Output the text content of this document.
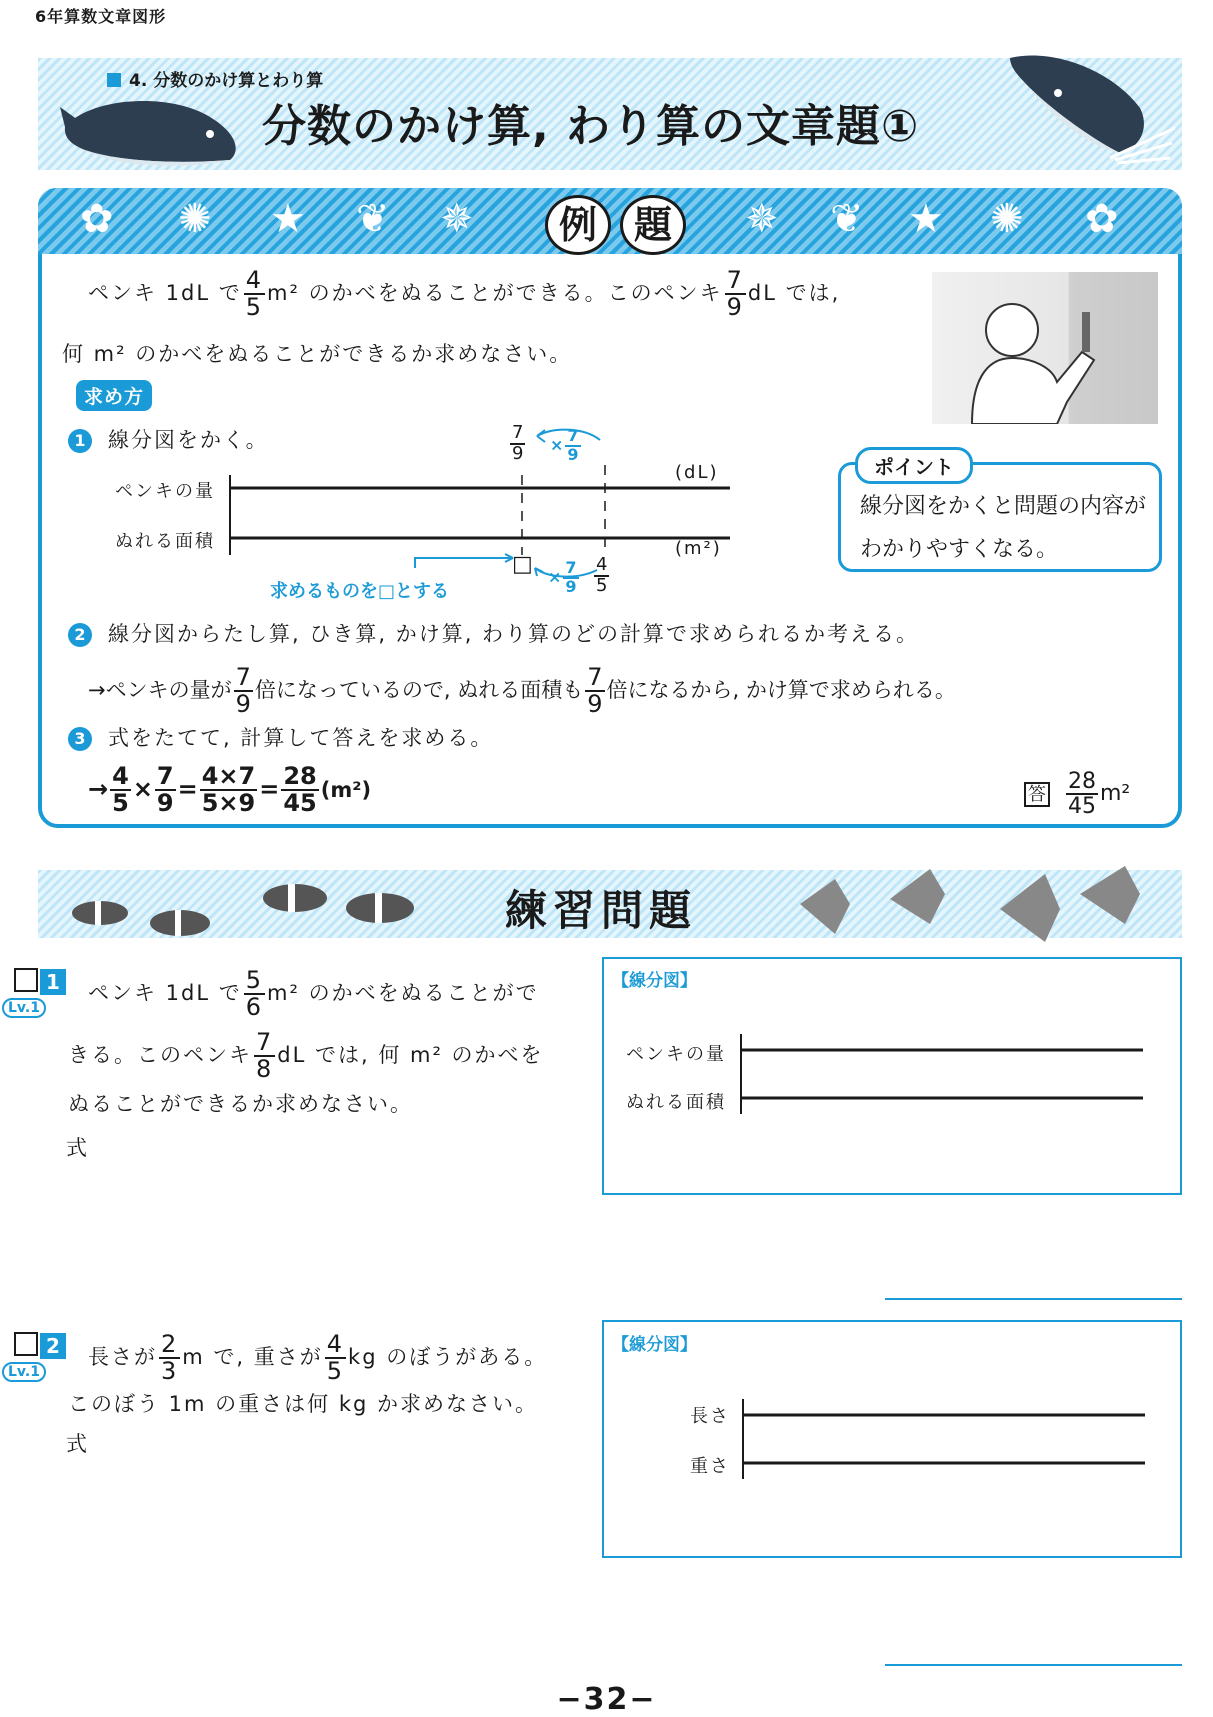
6年算数文章図形
4. 分数のかけ算とわり算
分数のかけ算, わり算の文章題①
✿ ✺ ★ ❦ ✵	例 題	✵ ❦ ★ ✺ ✿
ペンキ 1dL で $\frac{4}{5} m^2$ のかべをぬることができる。このペンキ $\frac{7}{9}$ dL では,
何 m² のかべをぬることができるか求めなさい。
求め方
1 線分図をかく。
ペンキの量
ぬれる面積
$\frac{7}{9} \times \frac{7}{9}$
(dL)
(m²)
求めるものを□とする
□ × $\frac{7}{9} \frac{4}{5}$
ポイント
線分図をかくと問題の内容がわかりやすくなる。
2 線分図からたし算, ひき算, かけ算, わり算のどの計算で求められるか考える。
→ペンキの量が $\frac{7}{9}$ 倍になっているので, ぬれる面積も $\frac{7}{9}$ 倍になるから, かけ算で求められる。
3 式をたてて, 計算して答えを求める。
→ $\frac{4}{5} \times \frac{7}{9} = \frac{4\times 7}{5\times 9} = \frac{28}{45} (m^2)$	答 $\frac{28}{45} m^2$
練習問題
1
Lv.1
ペンキ 1dL で $\frac{5}{6} m^2$ のかべをぬることがで
きる。このペンキ $\frac{7}{8}$ dL では, 何 m² のかべを
ぬることができるか求めなさい。
式
【線分図】
ペンキの量
ぬれる面積
2
Lv.1
長さが $\frac{2}{3}$ m で, 重さが $\frac{4}{5}$ kg のぼうがある。
このぼう 1m の重さは何 kg か求めなさい。
式
【線分図】
長さ
重さ
−32−
